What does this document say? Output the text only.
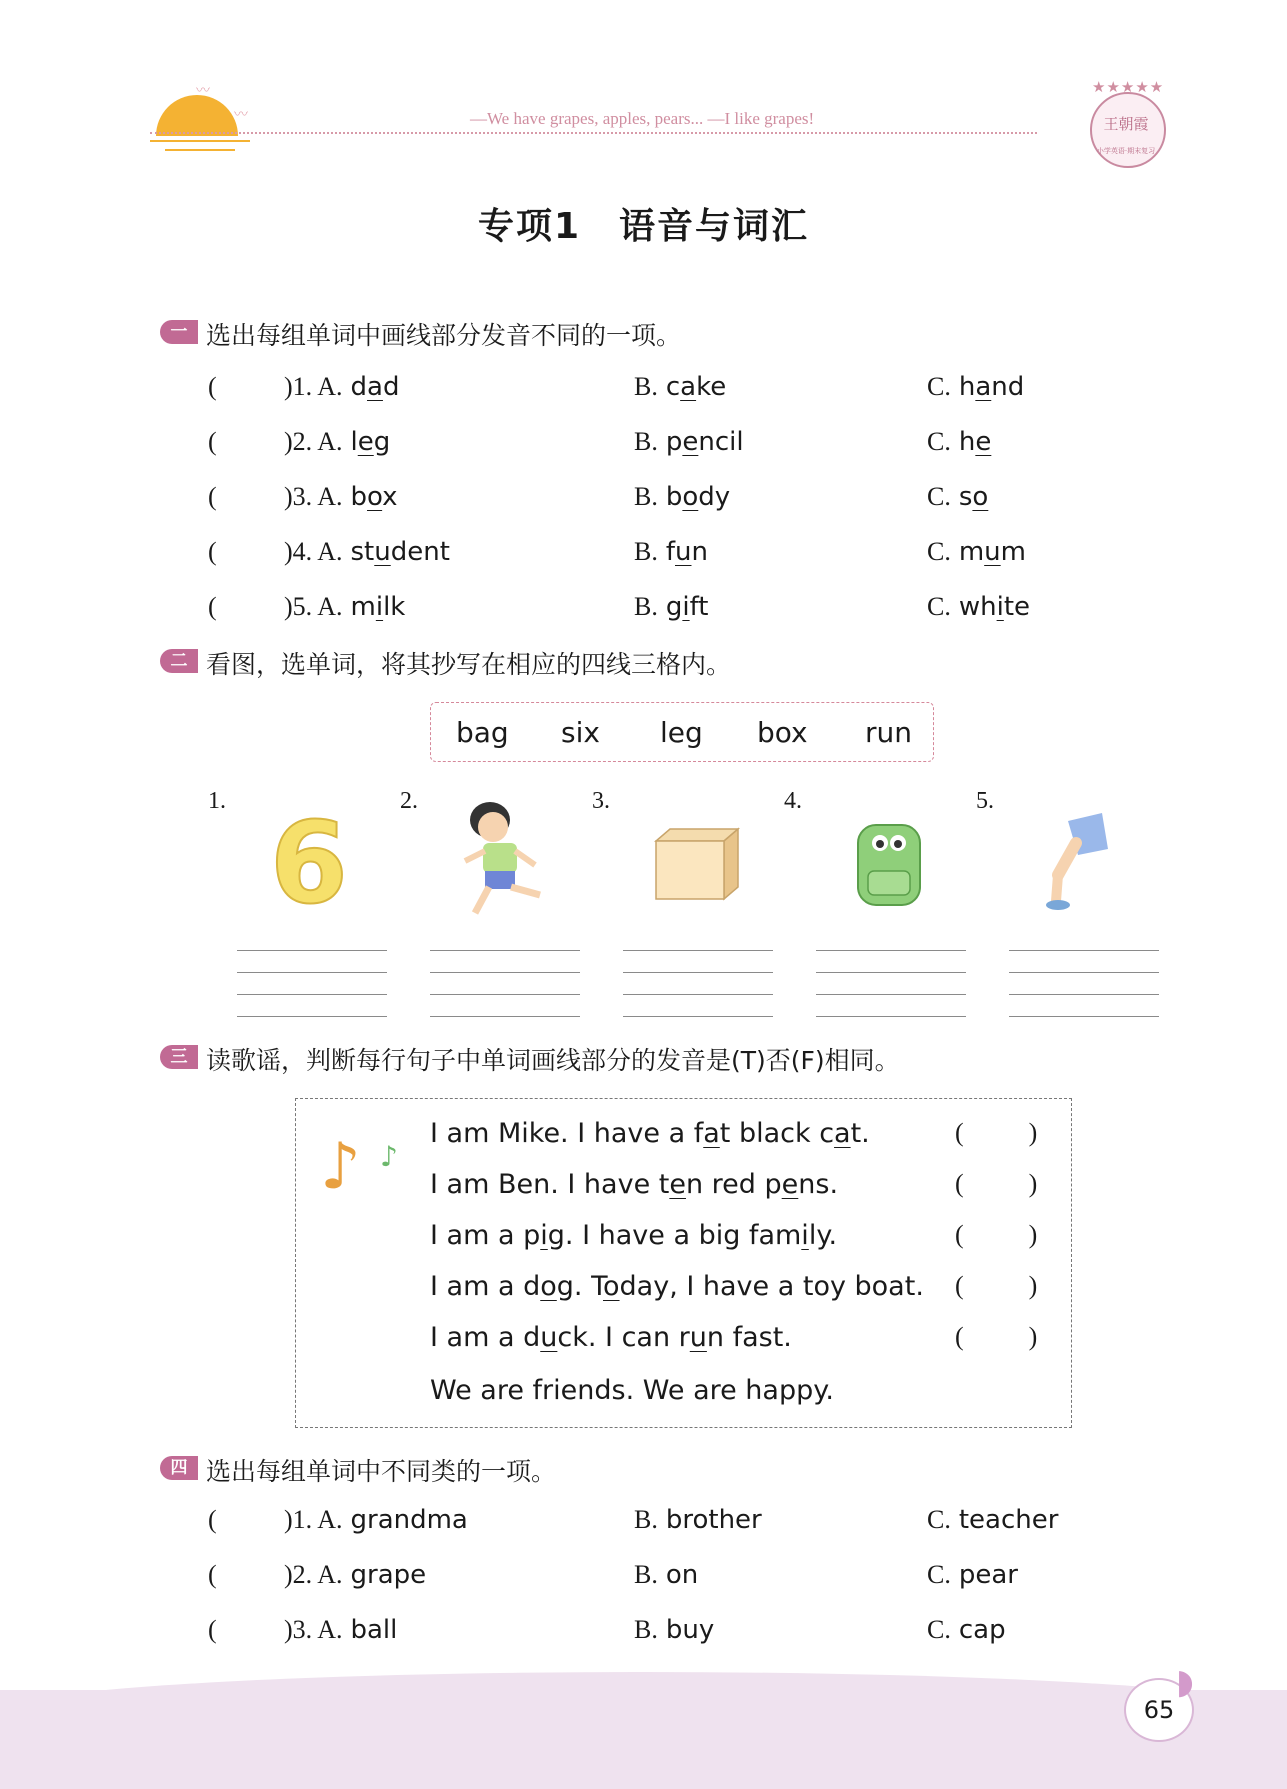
〰
〰	—We have grapes, apples, pears... —I like grapes!
★★★★★
王朝霞
小学英语·期末复习
专项1　语音与词汇
一 选出每组单词中画线部分发音不同的一项。
(	)1. A. dad	B. cake	C. hand
(	)2. A. leg	B. pencil	C. he
(	)3. A. box	B. body	C. so
(	)4. A. student	B. fun	C. mum
(	)5. A. milk	B. gift	C. white
二 看图，选单词，将其抄写在相应的四线三格内。
bag six leg box run
1.	2.	3.	4.	5.
6
三 读歌谣，判断每行句子中单词画线部分的发音是(T)否(F)相同。
♪ ♪
I am Mike. I have a fat black cat.	(          )
I am Ben. I have ten red pens.	(          )
I am a pig. I have a big family.	(          )
I am a dog. Today, I have a toy boat. (          )
I am a duck. I can run fast.	(          )
We are friends. We are happy.
四 选出每组单词中不同类的一项。
(	)1. A. grandma	B. brother	C. teacher
(	)2. A. grape	B. on	C. pear
(	)3. A. ball	B. buy	C. cap
65
◗
